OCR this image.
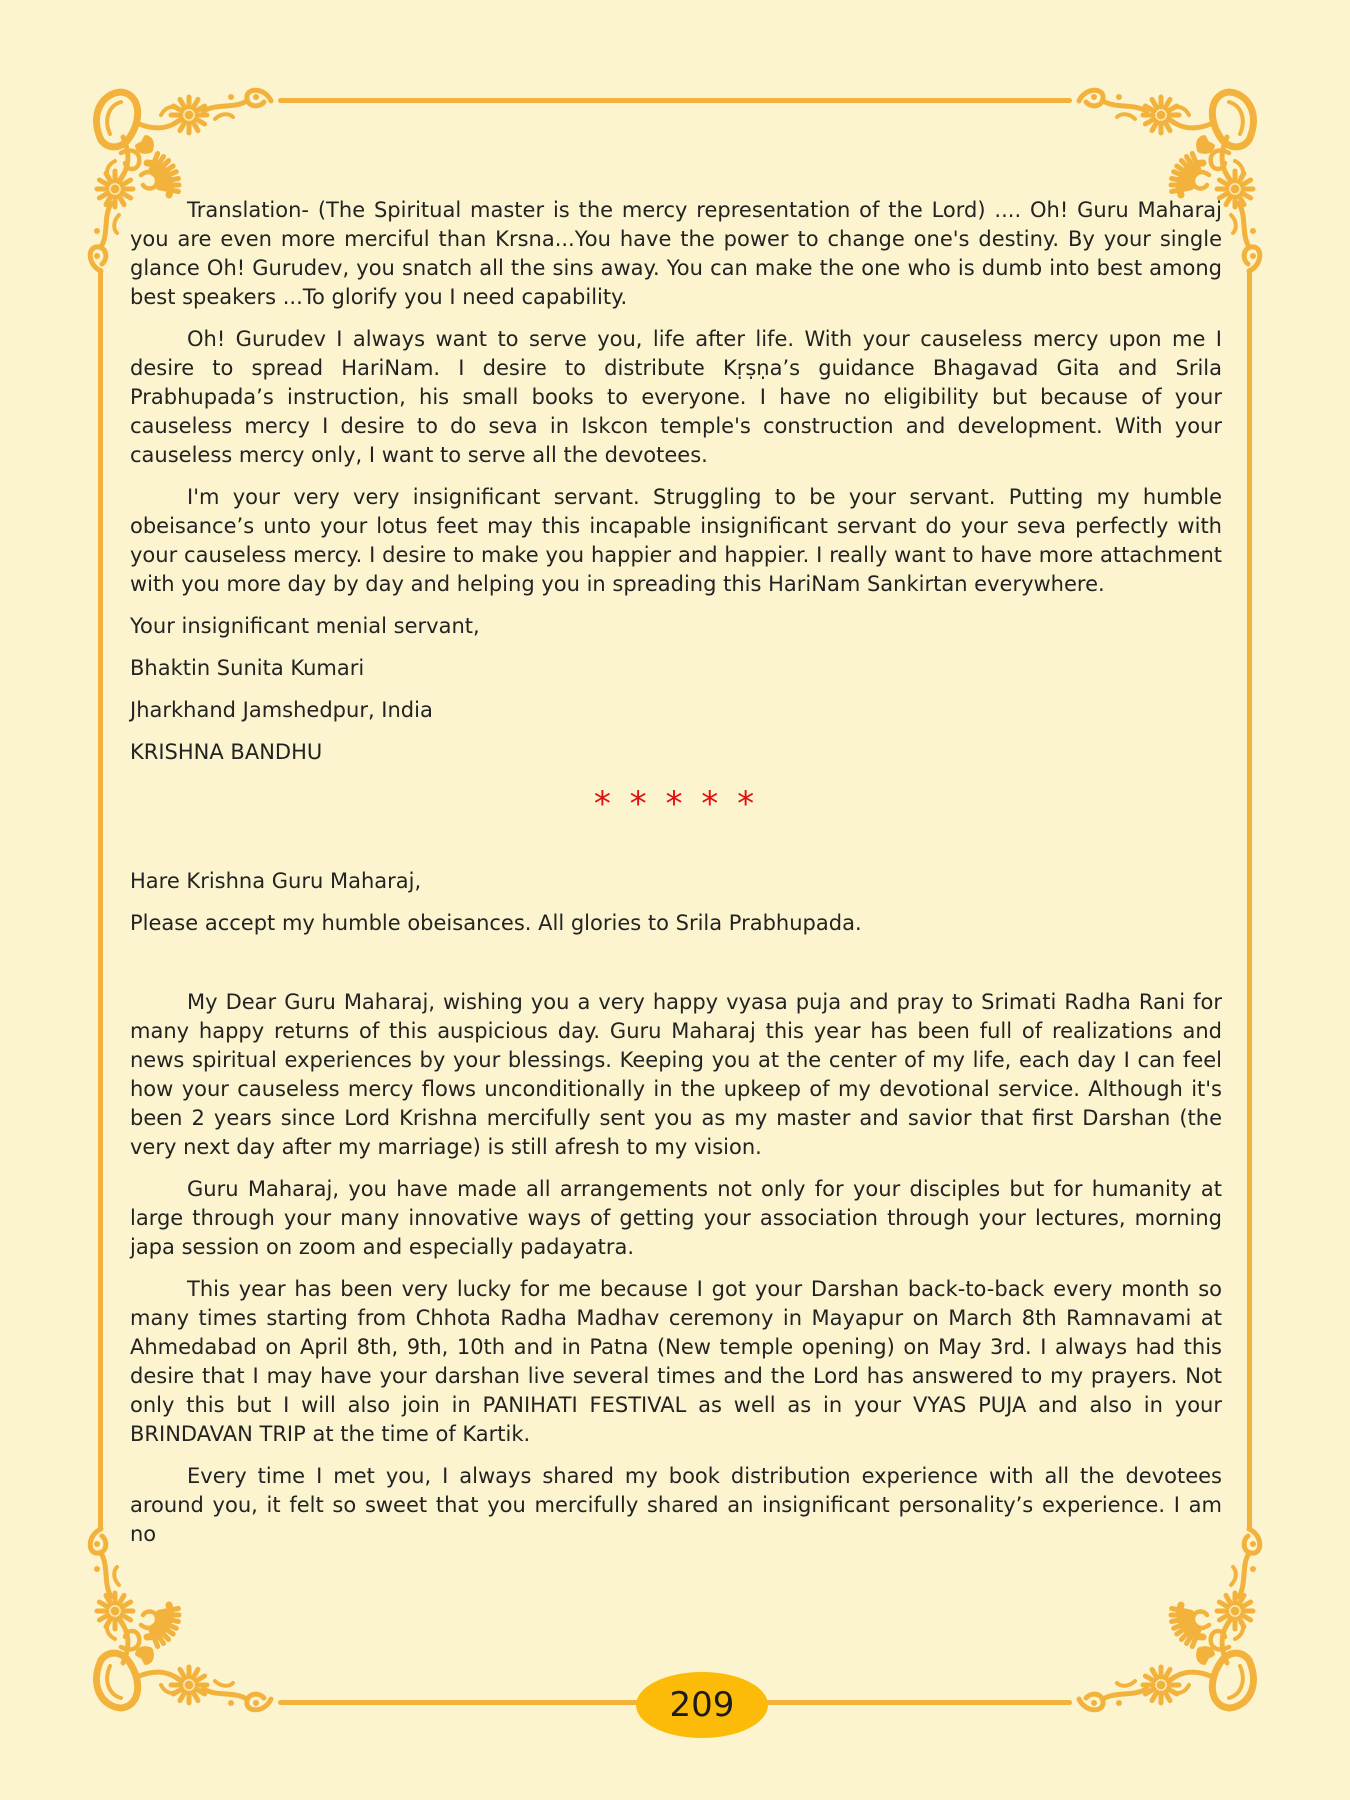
Translation- (The Spiritual master is the mercy representation of the Lord) .... Oh! Guru Maharaj you are even more merciful than Krsna...You have the power to change one's destiny. By your single glance Oh! Gurudev, you snatch all the sins away. You can make the one who is dumb into best among best speakers ...To glorify you I need capability.

Oh! Gurudev I always want to serve you, life after life. With your causeless mercy upon me I desire to spread HariNam. I desire to distribute Kṛṣṇa’s guidance Bhagavad Gita and Srila Prabhupada’s instruction, his small books to everyone. I have no eligibility but because of your causeless mercy I desire to do seva in Iskcon temple's construction and development. With your causeless mercy only, I want to serve all the devotees.

I'm your very very insignificant servant. Struggling to be your servant. Putting my humble obeisance’s unto your lotus feet may this incapable insignificant servant do your seva perfectly with your causeless mercy. I desire to make you happier and happier. I really want to have more attachment with you more day by day and helping you in spreading this HariNam Sankirtan everywhere.

Your insignificant menial servant,

Bhaktin Sunita Kumari

Jharkhand Jamshedpur, India

KRISHNA BANDHU

* * * * *

Hare Krishna Guru Maharaj,

Please accept my humble obeisances. All glories to Srila Prabhupada.

My Dear Guru Maharaj, wishing you a very happy vyasa puja and pray to Srimati Radha Rani for many happy returns of this auspicious day. Guru Maharaj this year has been full of realizations and news spiritual experiences by your blessings. Keeping you at the center of my life, each day I can feel how your causeless mercy flows unconditionally in the upkeep of my devotional service. Although it's been 2 years since Lord Krishna mercifully sent you as my master and savior that first Darshan (the very next day after my marriage) is still afresh to my vision.

Guru Maharaj, you have made all arrangements not only for your disciples but for humanity at large through your many innovative ways of getting your association through your lectures, morning japa session on zoom and especially padayatra.

This year has been very lucky for me because I got your Darshan back-to-back every month so many times starting from Chhota Radha Madhav ceremony in Mayapur on March 8th Ramnavami at Ahmedabad on April 8th, 9th, 10th and in Patna (New temple opening) on May 3rd. I always had this desire that I may have your darshan live several times and the Lord has answered to my prayers. Not only this but I will also join in PANIHATI FESTIVAL as well as in your VYAS PUJA and also in your BRINDAVAN TRIP at the time of Kartik.

Every time I met you, I always shared my book distribution experience with all the devotees around you, it felt so sweet that you mercifully shared an insignificant personality’s experience. I am no

209
